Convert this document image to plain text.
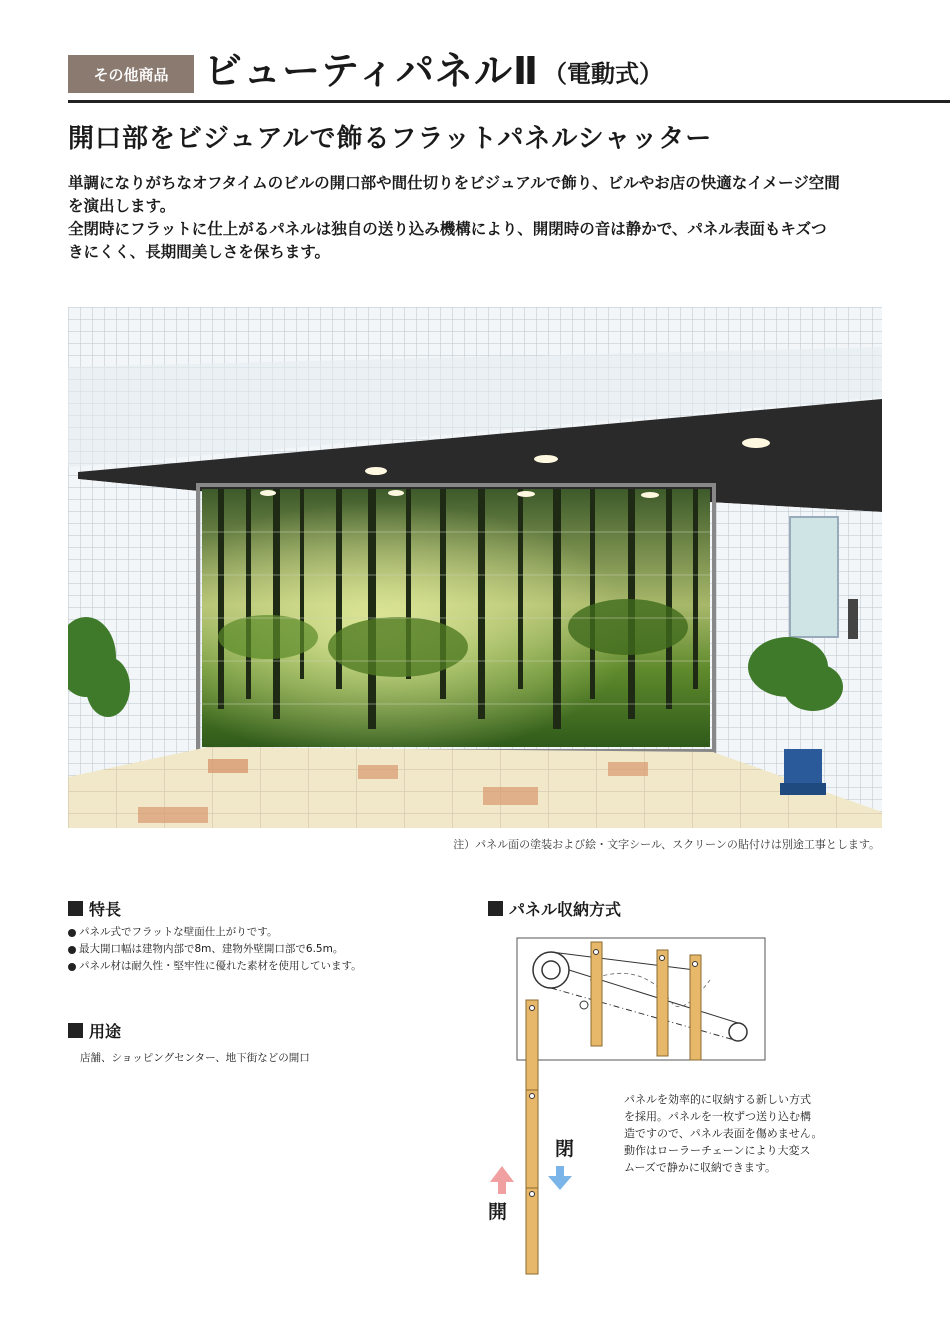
その他商品 ビューティパネルⅡ （電動式）
開口部をビジュアルで飾るフラットパネルシャッター

単調になりがちなオフタイムのビルの開口部や間仕切りをビジュアルで飾り、ビルやお店の快適なイメージ空間

を演出します。

全閉時にフラットに仕上がるパネルは独自の送り込み機構により、開閉時の音は静かで、パネル表面もキズつ

きにくく、長期間美しさを保ちます。

注）パネル面の塗装および絵・文字シール、スクリーンの貼付けは別途工事とします。
特長
パネル式でフラットな壁面仕上がりです。
最大開口幅は建物内部で8m、建物外壁開口部で6.5m。
パネル材は耐久性・堅牢性に優れた素材を使用しています。
用途
店舗、ショッピングセンター、地下街などの開口
パネル収納方式
閉
開

パネルを効率的に収納する新しい方式

を採用。パネルを一枚ずつ送り込む構

造ですので、パネル表面を傷めません。

動作はローラーチェーンにより大変ス

ムーズで静かに収納できます。
